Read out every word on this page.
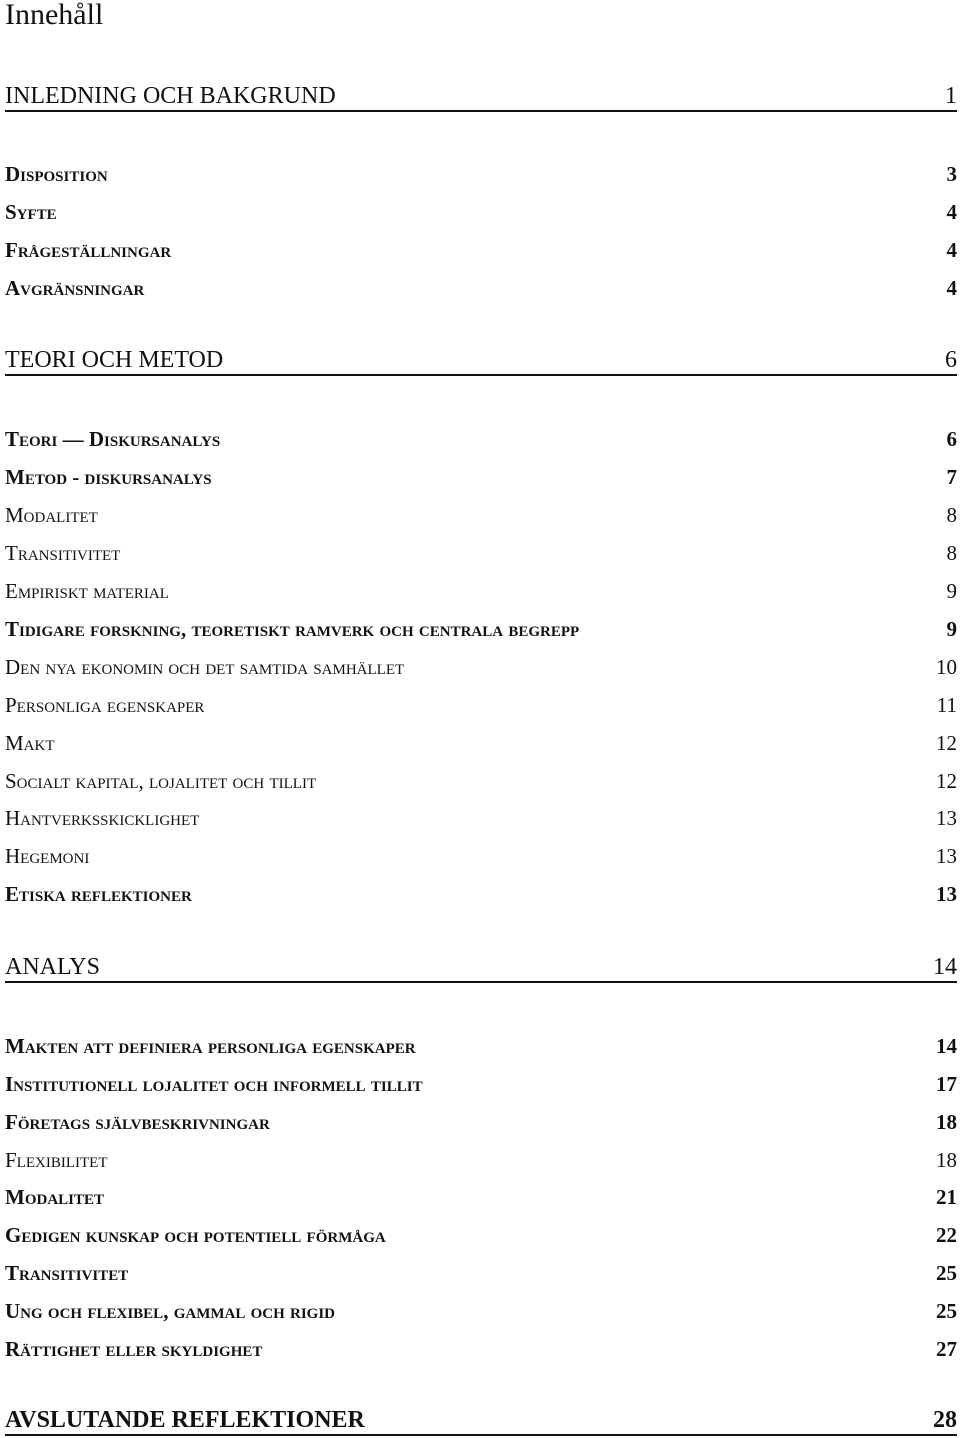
Innehåll
INLEDNING OCH BAKGRUND	1
Disposition	3
Syfte	4
Frågeställningar	4
Avgränsningar	4
TEORI OCH METOD	6
Teori — Diskursanalys	6
Metod - diskursanalys	7
Modalitet	8
Transitivitet	8
Empiriskt material	9
Tidigare forskning, teoretiskt ramverk och centrala begrepp	9
Den nya ekonomin och det samtida samhället	10
Personliga egenskaper	11
Makt	12
Socialt kapital, lojalitet och tillit	12
Hantverksskicklighet	13
Hegemoni	13
Etiska reflektioner	13
ANALYS	14
Makten att definiera personliga egenskaper	14
Institutionell lojalitet och informell tillit	17
Företags självbeskrivningar	18
Flexibilitet	18
Modalitet	21
Gedigen kunskap och potentiell förmåga	22
Transitivitet	25
Ung och flexibel, gammal och rigid	25
Rättighet eller skyldighet	27
AVSLUTANDE REFLEKTIONER	28
